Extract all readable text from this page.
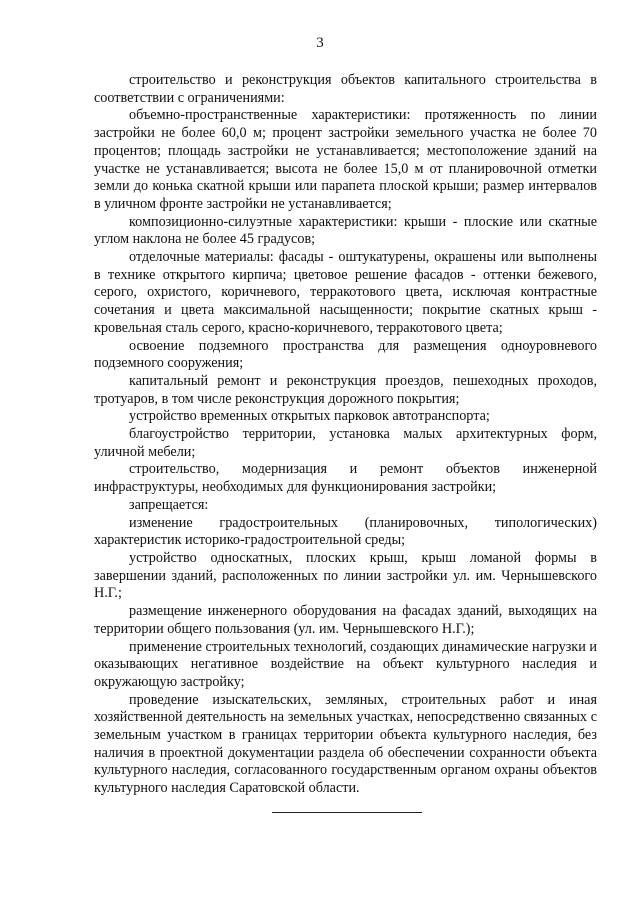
3

строительство и реконструкция объектов капитального строительства в соответствии с ограничениями:

объемно-пространственные характеристики: протяженность по линии застройки не более 60,0 м; процент застройки земельного участка не более 70 процентов; площадь застройки не устанавливается; местоположение зданий на участке не устанавливается; высота не более 15,0 м от планировочной отметки земли до конька скатной крыши или парапета плоской крыши; размер интервалов в уличном фронте застройки не устанавливается;

композиционно-силуэтные характеристики: крыши - плоские или скатные углом наклона не более 45 градусов;

отделочные материалы: фасады - оштукатурены, окрашены или выполнены в технике открытого кирпича; цветовое решение фасадов - оттенки бежевого, серого, охристого, коричневого, терракотового цвета, исключая контрастные сочетания и цвета максимальной насыщенности; покрытие скатных крыш - кровельная сталь серого, красно-коричневого, терракотового цвета;

освоение подземного пространства для размещения одноуровневого подземного сооружения;

капитальный ремонт и реконструкция проездов, пешеходных проходов, тротуаров, в том числе реконструкция дорожного покрытия;

устройство временных открытых парковок автотранспорта;

благоустройство территории, установка малых архитектурных форм, уличной мебели;

строительство, модернизация и ремонт объектов инженерной инфраструктуры, необходимых для функционирования застройки;

запрещается:

изменение градостроительных (планировочных, типологических) характеристик историко-градостроительной среды;

устройство односкатных, плоских крыш, крыш ломаной формы в завершении зданий, расположенных по линии застройки ул. им. Чернышевского Н.Г.;

размещение инженерного оборудования на фасадах зданий, выходящих на территории общего пользования (ул. им. Чернышевского Н.Г.);

применение строительных технологий, создающих динамические нагрузки и оказывающих негативное воздействие на объект культурного наследия и окружающую застройку;

проведение изыскательских, земляных, строительных работ и иная хозяйственной деятельность на земельных участках, непосредственно связанных с земельным участком в границах территории объекта культурного наследия, без наличия в проектной документации раздела об обеспечении сохранности объекта культурного наследия, согласованного государственным органом охраны объектов культурного наследия Саратовской области.
